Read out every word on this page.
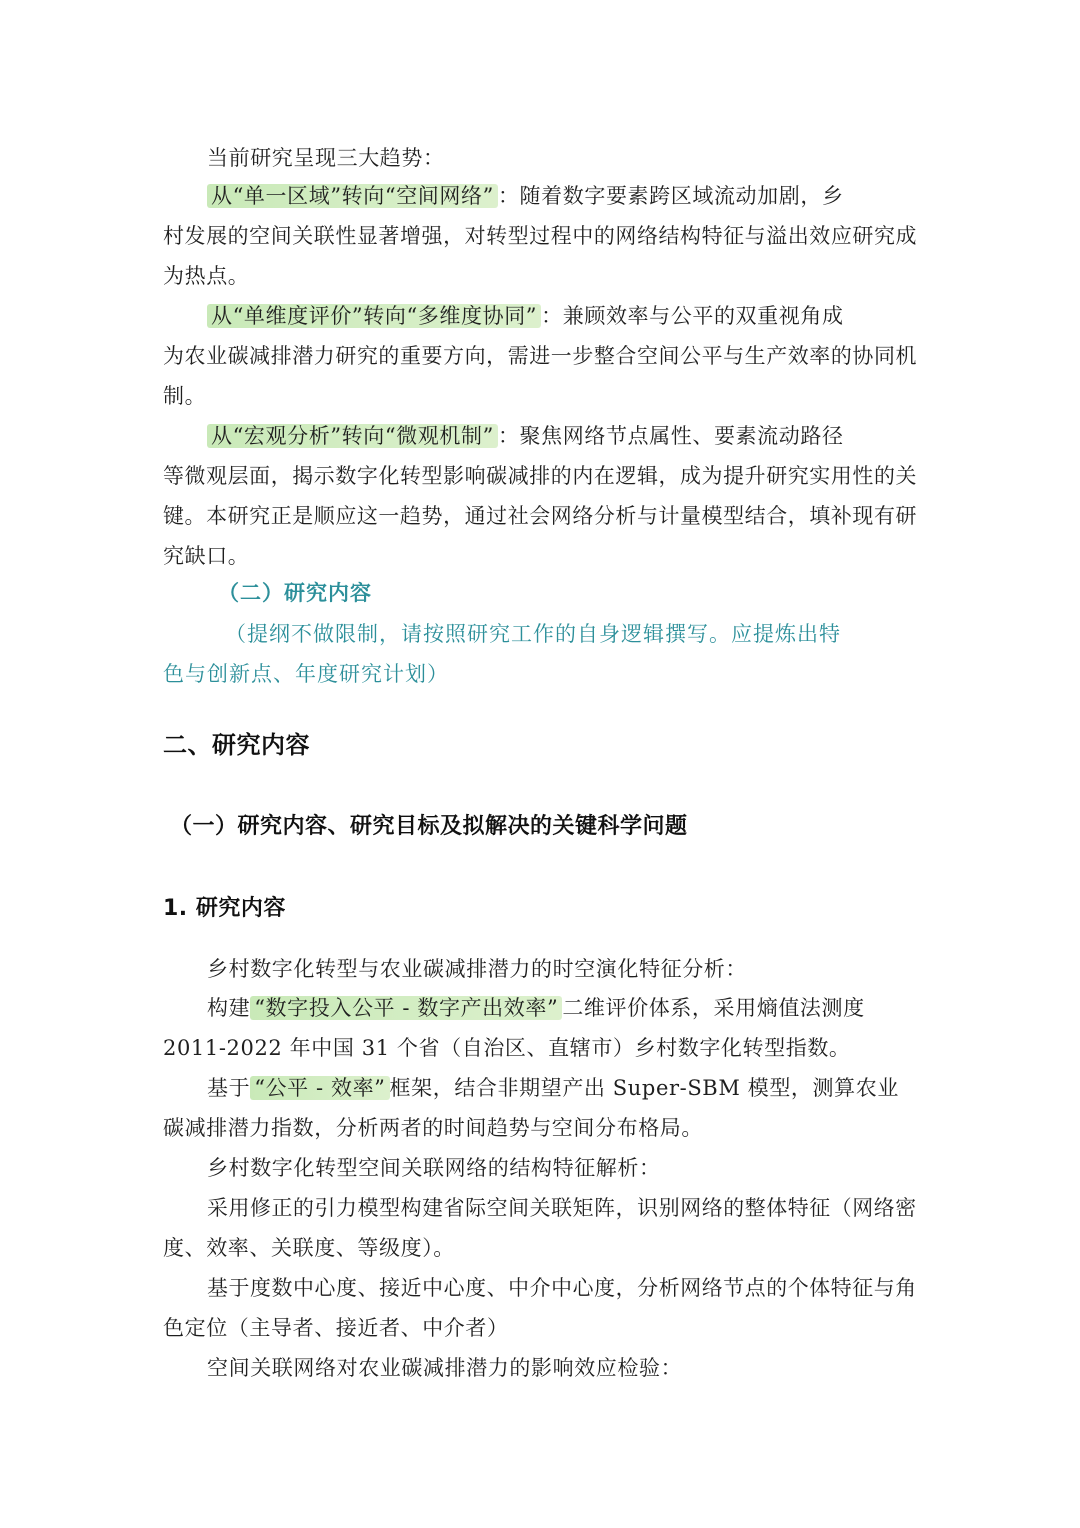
当前研究呈现三大趋势：
从“单一区域”转向“空间网络” ：随着数字要素跨区域流动加剧，乡
村发展的空间关联性显著增强，对转型过程中的网络结构特征与溢出效应研究成
为热点。
从“单维度评价”转向“多维度协同” ：兼顾效率与公平的双重视角成
为农业碳减排潜力研究的重要方向，需进一步整合空间公平与生产效率的协同机
制。
从“宏观分析”转向“微观机制” ：聚焦网络节点属性、要素流动路径
等微观层面，揭示数字化转型影响碳减排的内在逻辑，成为提升研究实用性的关
键。本研究正是顺应这一趋势，通过社会网络分析与计量模型结合，填补现有研
究缺口。
（二）研究内容
（提纲不做限制，请按照研究工作的自身逻辑撰写。应提炼出特
色与创新点、年度研究计划）
二、研究内容
（一）研究内容、研究目标及拟解决的关键科学问题
1. 研究内容
乡村数字化转型与农业碳减排潜力的时空演化特征分析：
构建 “数字投入公平 - 数字产出效率” 二维评价体系，采用熵值法测度
2011-2022 年中国 31 个省（自治区、直辖市）乡村数字化转型指数。
基于 “公平 - 效率” 框架，结合非期望产出 Super-SBM 模型，测算农业
碳减排潜力指数，分析两者的时间趋势与空间分布格局。
乡村数字化转型空间关联网络的结构特征解析：
采用修正的引力模型构建省际空间关联矩阵，识别网络的整体特征（网络密
度、效率、关联度、等级度）。
基于度数中心度、接近中心度、中介中心度，分析网络节点的个体特征与角
色定位（主导者、接近者、中介者）
空间关联网络对农业碳减排潜力的影响效应检验：
